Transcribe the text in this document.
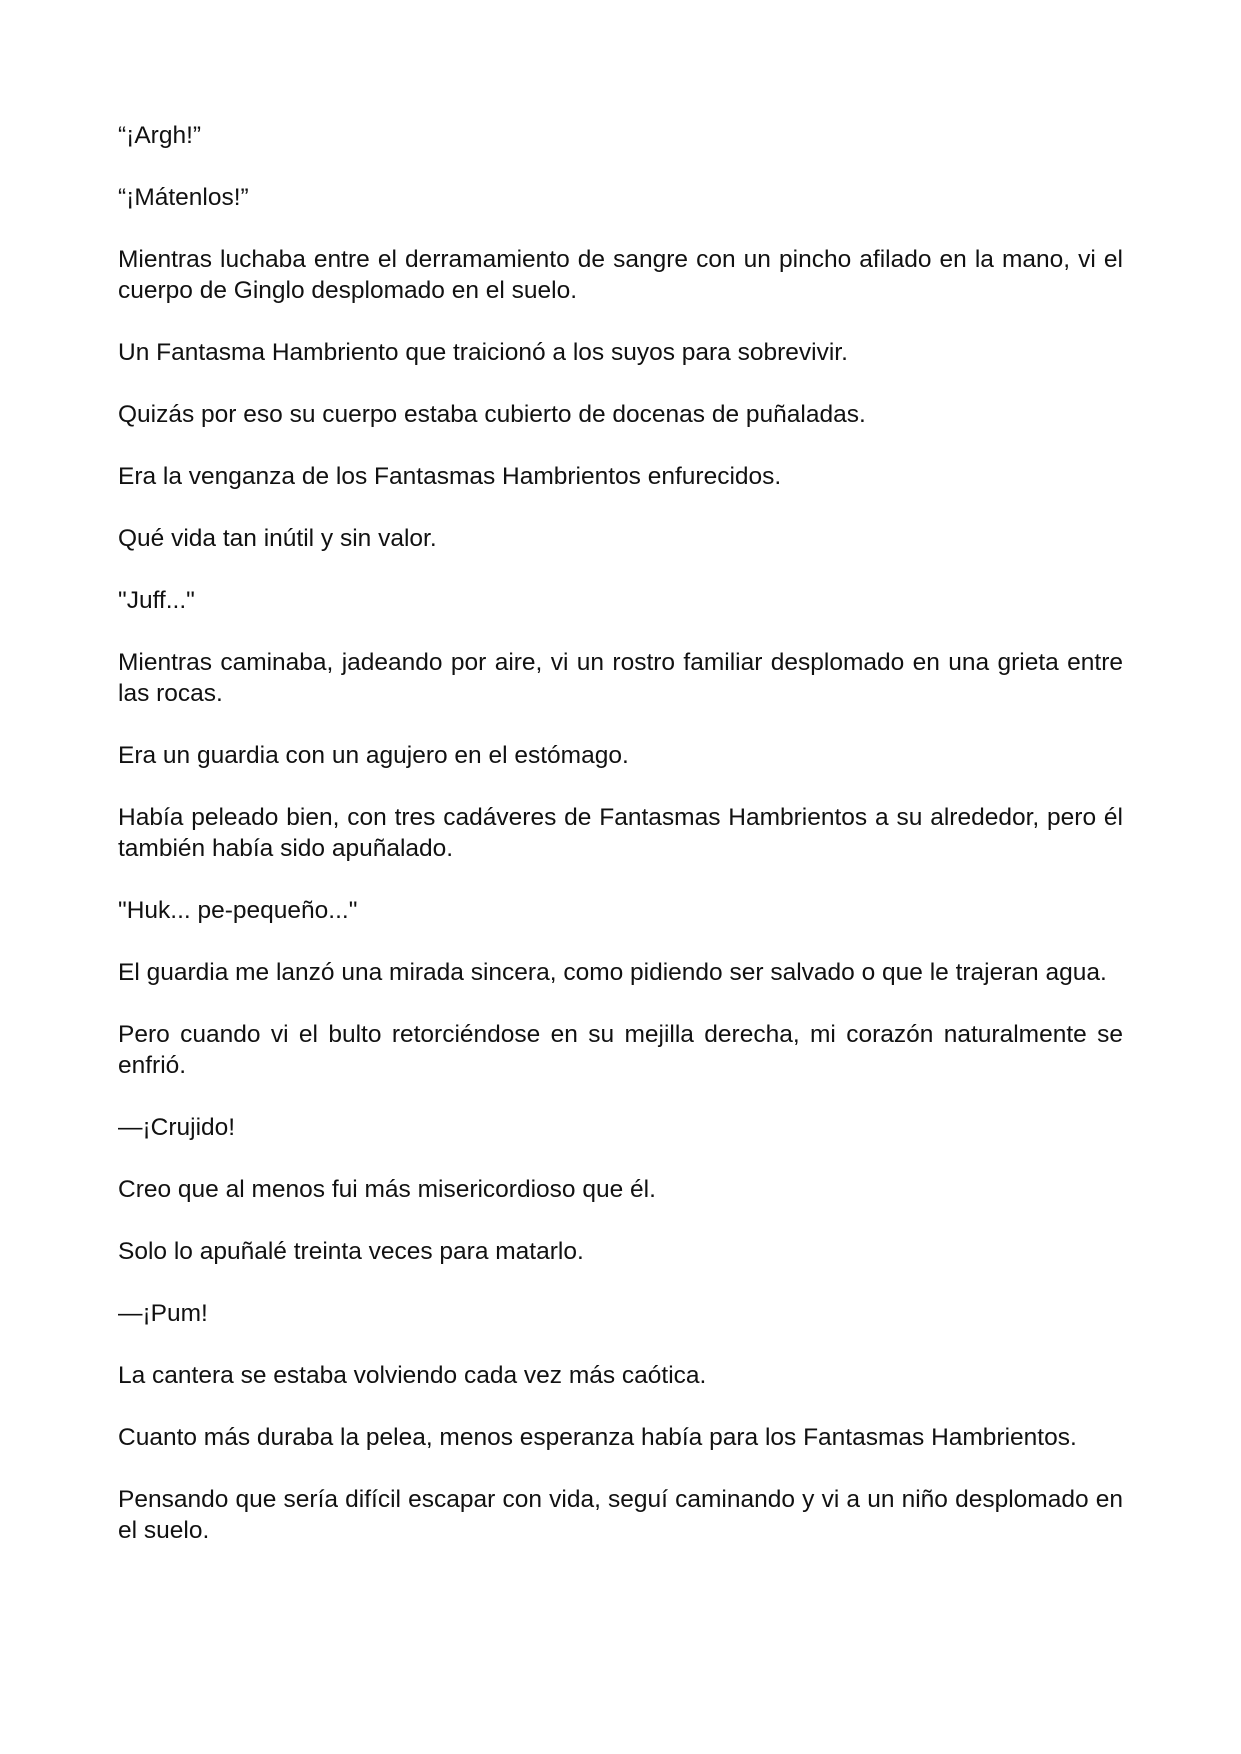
“¡Argh!”

“¡Mátenlos!”

Mientras luchaba entre el derramamiento de sangre con un pincho afilado en la mano, vi el cuerpo de Ginglo desplomado en el suelo.

Un Fantasma Hambriento que traicionó a los suyos para sobrevivir.

Quizás por eso su cuerpo estaba cubierto de docenas de puñaladas.

Era la venganza de los Fantasmas Hambrientos enfurecidos.

Qué vida tan inútil y sin valor.

"Juff..."

Mientras caminaba, jadeando por aire, vi un rostro familiar desplomado en una grieta entre las rocas.

Era un guardia con un agujero en el estómago.

Había peleado bien, con tres cadáveres de Fantasmas Hambrientos a su alrededor, pero él también había sido apuñalado.

"Huk... pe-pequeño..."

El guardia me lanzó una mirada sincera, como pidiendo ser salvado o que le trajeran agua.

Pero cuando vi el bulto retorciéndose en su mejilla derecha, mi corazón naturalmente se enfrió.

—¡Crujido!

Creo que al menos fui más misericordioso que él.

Solo lo apuñalé treinta veces para matarlo.

—¡Pum!

La cantera se estaba volviendo cada vez más caótica.

Cuanto más duraba la pelea, menos esperanza había para los Fantasmas Hambrientos.

Pensando que sería difícil escapar con vida, seguí caminando y vi a un niño desplomado en el suelo.
